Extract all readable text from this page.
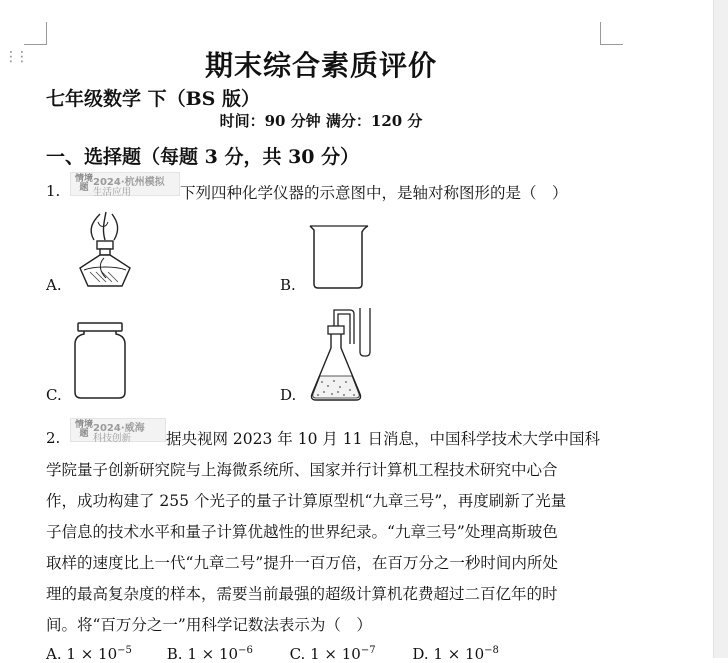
⋮⋮	期末综合素质评价
七年级数学 下（BS 版）
时间：90 分钟 满分：120 分
一、选择题（每题 3 分，共 30 分）
1.
情境题 2024·杭州模拟
生活应用	下列四种化学仪器的示意图中，是轴对称图形的是（　）
A.	B.
C.	D.
2.
情境题 2024·威海
科技创新 据央视网 2023 年 10 月 11 日消息，中国科学技术大学中国科
学院量子创新研究院与上海微系统所、国家并行计算机工程技术研究中心合
作，成功构建了 255 个光子的量子计算原型机“九章三号”，再度刷新了光量
子信息的技术水平和量子计算优越性的世界纪录。“九章三号”处理高斯玻色
取样的速度比上一代“九章二号”提升一百万倍，在百万分之一秒时间内所处
理的最高复杂度的样本，需要当前最强的超级计算机花费超过二百亿年的时
间。将“百万分之一”用科学记数法表示为（　）
A. $1 \times 10^{-5}$ B. $1 \times 10^{-6}$ C. $1 \times 10^{-7}$ D. $1 \times 10^{-8}$
